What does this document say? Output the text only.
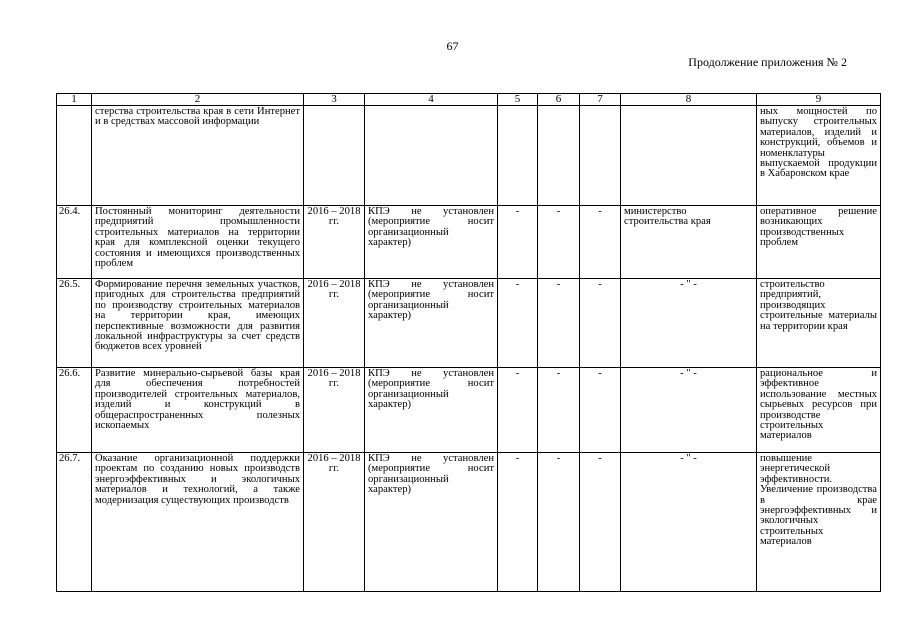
67
Продолжение приложения № 2
1	2	3	4	5	6	7	8	9
	стерства строительства края в сети Интернет и в средствах массовой информации							ных мощностей по выпуску строительных материалов, изделий и конструкций, объемов и номенклатуры выпускаемой продукции в Хабаровском крае
26.4.	Постоянный мониторинг деятельности предприятий промышленности строительных материалов на территории края для комплексной оценки текущего состояния и имеющихся производственных проблем	2016 – 2018 гг.	КПЭ не установлен (мероприятие носит организационный характер)	-	-	-	министерство строительства края	оперативное решение возникающих производственных проблем
26.5.	Формирование перечня земельных участков, пригодных для строительства предприятий по производству строительных материалов на территории края, имеющих перспективные возможности для развития локальной инфраструктуры за счет средств бюджетов всех уровней	2016 – 2018 гг.	КПЭ не установлен (мероприятие носит организационный характер)	-	-	-	- " -	строительство предприятий, производящих строительные материалы на территории края
26.6.	Развитие минерально-сырьевой базы края для обеспечения потребностей производителей строительных материалов, изделий и конструкций в общераспространенных полезных ископаемых	2016 – 2018 гг.	КПЭ не установлен (мероприятие носит организационный характер)	-	-	-	- " -	рациональное и эффективное использование местных сырьевых ресурсов при производстве строительных материалов
26.7.	Оказание организационной поддержки проектам по созданию новых производств энергоэффективных и экологичных материалов и технологий, а также модернизация существующих производств	2016 – 2018 гг.	КПЭ не установлен (мероприятие носит организационный характер)	-	-	-	- " -	повышение энергетической эффективности. Увеличение производства в крае энергоэффективных и экологичных строительных материалов
